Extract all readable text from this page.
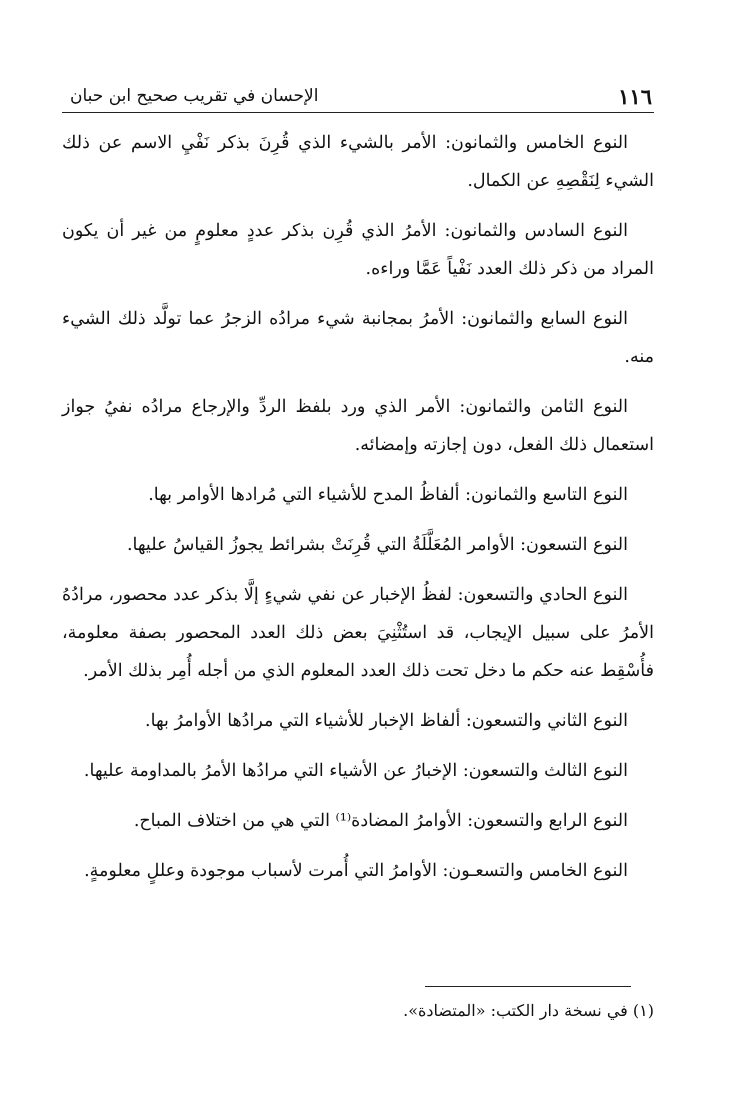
١١٦
الإحسان في تقريب صحيح ابن حبان

النوع الخامس والثمانون: الأمر بالشيء الذي قُرِنَ بذكر نَفْيِ الاسم عن ذلك الشيء لِنَقْصِهِ عن الكمال.

النوع السادس والثمانون: الأمرُ الذي قُرِن بذكر عددٍ معلومٍ من غير أن يكون المراد من ذكر ذلك العدد نَفْياً عَمَّا وراءه.

النوع السابع والثمانون: الأمرُ بمجانبة شيء مرادُه الزجرُ عما تولَّد ذلك الشيء منه.

النوع الثامن والثمانون: الأمر الذي ورد بلفظ الردِّ والإرجاع مرادُه نفيُ جواز استعمال ذلك الفعل، دون إجازته وإمضائه.

النوع التاسع والثمانون: ألفاظُ المدح للأشياء التي مُرادها الأوامر بها.

النوع التسعون: الأوامر المُعَلَّلَةُ التي قُرِنَتْ بشرائط يجوزُ القياسُ عليها.

النوع الحادي والتسعون: لفظُ الإخبار عن نفي شيءٍ إلَّا بذكر عدد محصور، مرادُهُ الأمرُ على سبيل الإيجاب، قد استُثْنِيَ بعض ذلك العدد المحصور بصفة معلومة، فأُسْقِط عنه حكم ما دخل تحت ذلك العدد المعلوم الذي من أجله أُمِر بذلك الأمر.

النوع الثاني والتسعون: ألفاظ الإخبار للأشياء التي مرادُها الأوامرُ بها.

النوع الثالث والتسعون: الإخبارُ عن الأشياء التي مرادُها الأمرُ بالمداومة عليها.

النوع الرابع والتسعون: الأوامرُ المضادة⁽¹⁾ التي هي من اختلاف المباح.

النوع الخامس والتسعـون: الأوامرُ التي أُمرت لأسباب موجودة وعللٍ معلومةٍ.

(١) في نسخة دار الكتب: «المتضادة».
